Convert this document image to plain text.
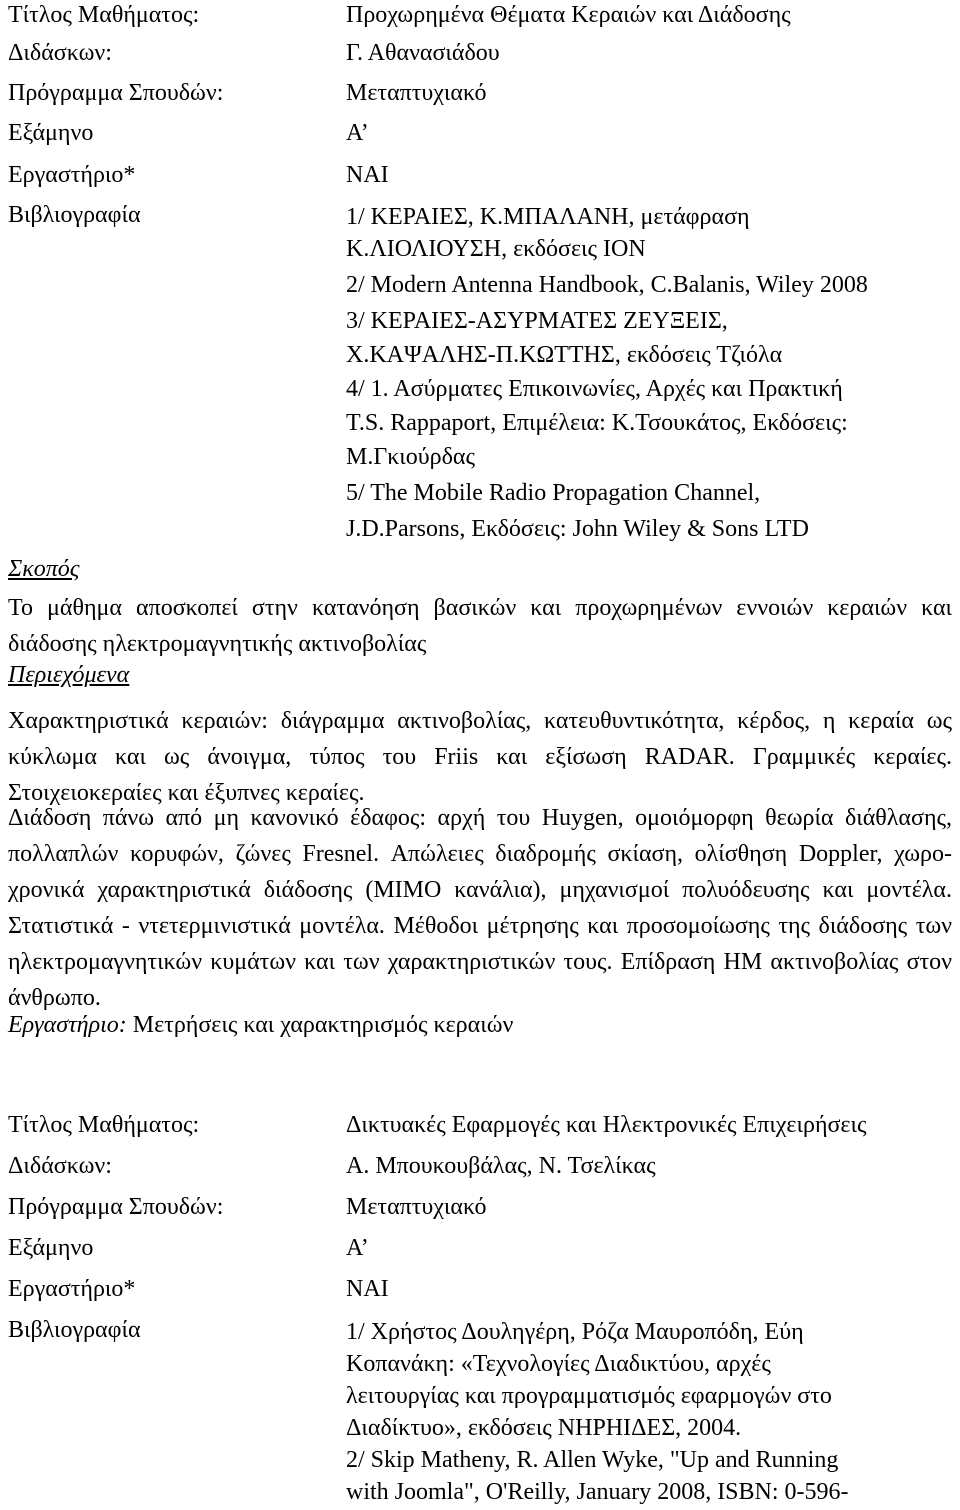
Τίτλος Μαθήματος:	Προχωρημένα Θέματα Κεραιών και Διάδοσης
Διδάσκων:	Γ. Αθανασιάδου
Πρόγραμμα Σπουδών:	Μεταπτυχιακό
Εξάμηνο	Α’
Εργαστήριο*	ΝΑΙ
Βιβλιογραφία	1/ ΚΕΡΑΙΕΣ, Κ.ΜΠΑΛΑΝΗ, μετάφραση
Κ.ΛΙΟΛΙΟΥΣΗ, εκδόσεις ΙΟΝ
2/ Modern Antenna Handbook, C.Balanis, Wiley 2008
3/ ΚΕΡΑΙΕΣ-ΑΣΥΡΜΑΤΕΣ ΖΕΥΞΕΙΣ,
Χ.ΚΑΨΑΛΗΣ-Π.ΚΩΤΤΗΣ, εκδόσεις Τζιόλα
4/ 1. Ασύρματες Επικοινωνίες, Αρχές και Πρακτική
T.S. Rappaport, Επιμέλεια: Κ.Τσουκάτος, Εκδόσεις:
Μ.Γκιούρδας
5/ The Mobile Radio Propagation Channel,
J.D.Parsons, Εκδόσεις: John Wiley & Sons LTD
Σκοπός
Το μάθημα αποσκοπεί στην κατανόηση βασικών και προχωρημένων εννοιών κεραιών και διάδοσης ηλεκτρομαγνητικής ακτινοβολίας
Περιεχόμενα
Χαρακτηριστικά κεραιών: διάγραμμα ακτινοβολίας, κατευθυντικότητα, κέρδος, η κεραία ως κύκλωμα και ως άνοιγμα, τύπος του Friis και εξίσωση RADAR. Γραμμικές κεραίες. Στοιχειοκεραίες και έξυπνες κεραίες.
Διάδοση πάνω από μη κανονικό έδαφος: αρχή του Huygen, ομοιόμορφη θεωρία διάθλασης, πολλαπλών κορυφών, ζώνες Fresnel. Απώλειες διαδρομής σκίαση, ολίσθηση Doppler, χωρο-χρονικά χαρακτηριστικά διάδοσης (MIMO κανάλια), μηχανισμοί πολυόδευσης και μοντέλα. Στατιστικά - ντετερμινιστικά μοντέλα. Μέθοδοι μέτρησης και προσομοίωσης της διάδοσης των ηλεκτρομαγνητικών κυμάτων και των χαρακτηριστικών τους. Επίδραση ΗΜ ακτινοβολίας στον άνθρωπο.
Εργαστήριο: Μετρήσεις και χαρακτηρισμός κεραιών
Τίτλος Μαθήματος:	Δικτυακές Εφαρμογές και Ηλεκτρονικές Επιχειρήσεις
Διδάσκων:	Α. Μπουκουβάλας, Ν. Τσελίκας
Πρόγραμμα Σπουδών:	Μεταπτυχιακό
Εξάμηνο	Α’
Εργαστήριο*	ΝΑΙ
Βιβλιογραφία	1/ Χρήστος Δουληγέρη, Ρόζα Μαυροπόδη, Εύη
Κοπανάκη: «Τεχνολογίες Διαδικτύου, αρχές
λειτουργίας και προγραμματισμός εφαρμογών στο
Διαδίκτυο», εκδόσεις ΝΗΡΗΙΔΕΣ, 2004.
2/ Skip Matheny, R. Allen Wyke, "Up and Running
with Joomla", O'Reilly, January 2008, ISBN: 0-596-
